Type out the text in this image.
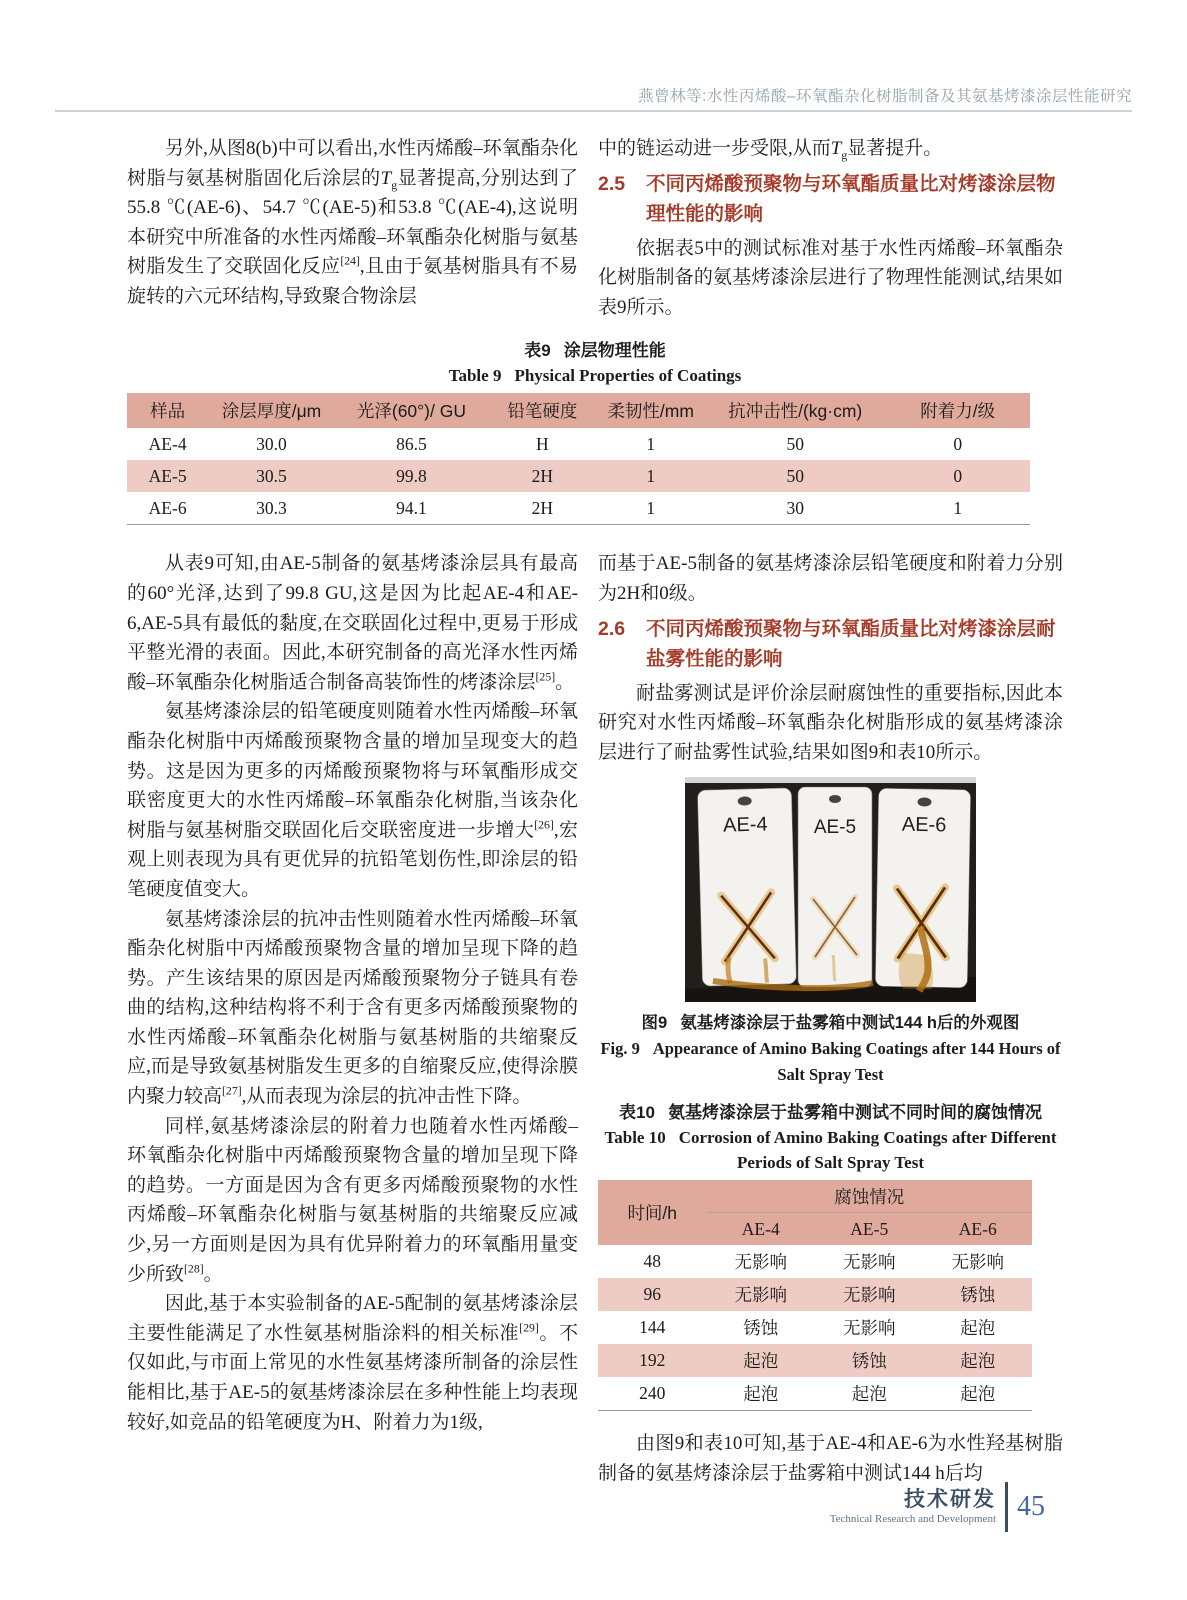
燕曾林等:水性丙烯酸–环氧酯杂化树脂制备及其氨基烤漆涂层性能研究

另外,从图8(b)中可以看出,水性丙烯酸–环氧酯杂化树脂与氨基树脂固化后涂层的$T_g$显著提高,分别达到了55.8 ℃(AE-6)、54.7 ℃(AE-5)和53.8 ℃(AE-4),这说明本研究中所准备的水性丙烯酸–环氧酯杂化树脂与氨基树脂发生了交联固化反应[24],且由于氨基树脂具有不易旋转的六元环结构,导致聚合物涂层

中的链运动进一步受限,从而$T_g$显著提升。

2.5	不同丙烯酸预聚物与环氧酯质量比对烤漆涂层物理性能的影响

依据表5中的测试标准对基于水性丙烯酸–环氧酯杂化树脂制备的氨基烤漆涂层进行了物理性能测试,结果如表9所示。

表9 涂层物理性能
Table 9 Physical Properties of Coatings
样品	涂层厚度/μm	光泽(60°)/ GU	铅笔硬度	柔韧性/mm	抗冲击性/(kg·cm)	附着力/级
AE-4	30.0	86.5	H	1	50	0
AE-5	30.5	99.8	2H	1	50	0
AE-6	30.3	94.1	2H	1	30	1

从表9可知,由AE-5制备的氨基烤漆涂层具有最高的60°光泽,达到了99.8 GU,这是因为比起AE-4和AE-6,AE-5具有最低的黏度,在交联固化过程中,更易于形成平整光滑的表面。因此,本研究制备的高光泽水性丙烯酸–环氧酯杂化树脂适合制备高装饰性的烤漆涂层[25]。

氨基烤漆涂层的铅笔硬度则随着水性丙烯酸–环氧酯杂化树脂中丙烯酸预聚物含量的增加呈现变大的趋势。这是因为更多的丙烯酸预聚物将与环氧酯形成交联密度更大的水性丙烯酸–环氧酯杂化树脂,当该杂化树脂与氨基树脂交联固化后交联密度进一步增大[26],宏观上则表现为具有更优异的抗铅笔划伤性,即涂层的铅笔硬度值变大。

氨基烤漆涂层的抗冲击性则随着水性丙烯酸–环氧酯杂化树脂中丙烯酸预聚物含量的增加呈现下降的趋势。产生该结果的原因是丙烯酸预聚物分子链具有卷曲的结构,这种结构将不利于含有更多丙烯酸预聚物的水性丙烯酸–环氧酯杂化树脂与氨基树脂的共缩聚反应,而是导致氨基树脂发生更多的自缩聚反应,使得涂膜内聚力较高[27],从而表现为涂层的抗冲击性下降。

同样,氨基烤漆涂层的附着力也随着水性丙烯酸–环氧酯杂化树脂中丙烯酸预聚物含量的增加呈现下降的趋势。一方面是因为含有更多丙烯酸预聚物的水性丙烯酸–环氧酯杂化树脂与氨基树脂的共缩聚反应减少,另一方面则是因为具有优异附着力的环氧酯用量变少所致[28]。

因此,基于本实验制备的AE-5配制的氨基烤漆涂层主要性能满足了水性氨基树脂涂料的相关标准[29]。不仅如此,与市面上常见的水性氨基烤漆所制备的涂层性能相比,基于AE-5的氨基烤漆涂层在多种性能上均表现较好,如竞品的铅笔硬度为H、附着力为1级,

而基于AE-5制备的氨基烤漆涂层铅笔硬度和附着力分别为2H和0级。

2.6	不同丙烯酸预聚物与环氧酯质量比对烤漆涂层耐盐雾性能的影响

耐盐雾测试是评价涂层耐腐蚀性的重要指标,因此本研究对水性丙烯酸–环氧酯杂化树脂形成的氨基烤漆涂层进行了耐盐雾性试验,结果如图9和表10所示。

AE-4 AE-5 AE-6
图9 氨基烤漆涂层于盐雾箱中测试144 h后的外观图
Fig. 9 Appearance of Amino Baking Coatings after 144 Hours of Salt Spray Test
表10 氨基烤漆涂层于盐雾箱中测试不同时间的腐蚀情况
Table 10 Corrosion of Amino Baking Coatings after Different Periods of Salt Spray Test
时间/h	腐蚀情况		
	AE-4	AE-5	AE-6
48	无影响	无影响	无影响
96	无影响	无影响	锈蚀
144	锈蚀	无影响	起泡
192	起泡	锈蚀	起泡
240	起泡	起泡	起泡

由图9和表10可知,基于AE-4和AE-6为水性羟基树脂制备的氨基烤漆涂层于盐雾箱中测试144 h后均

技术研发
Technical Research and Development 45
